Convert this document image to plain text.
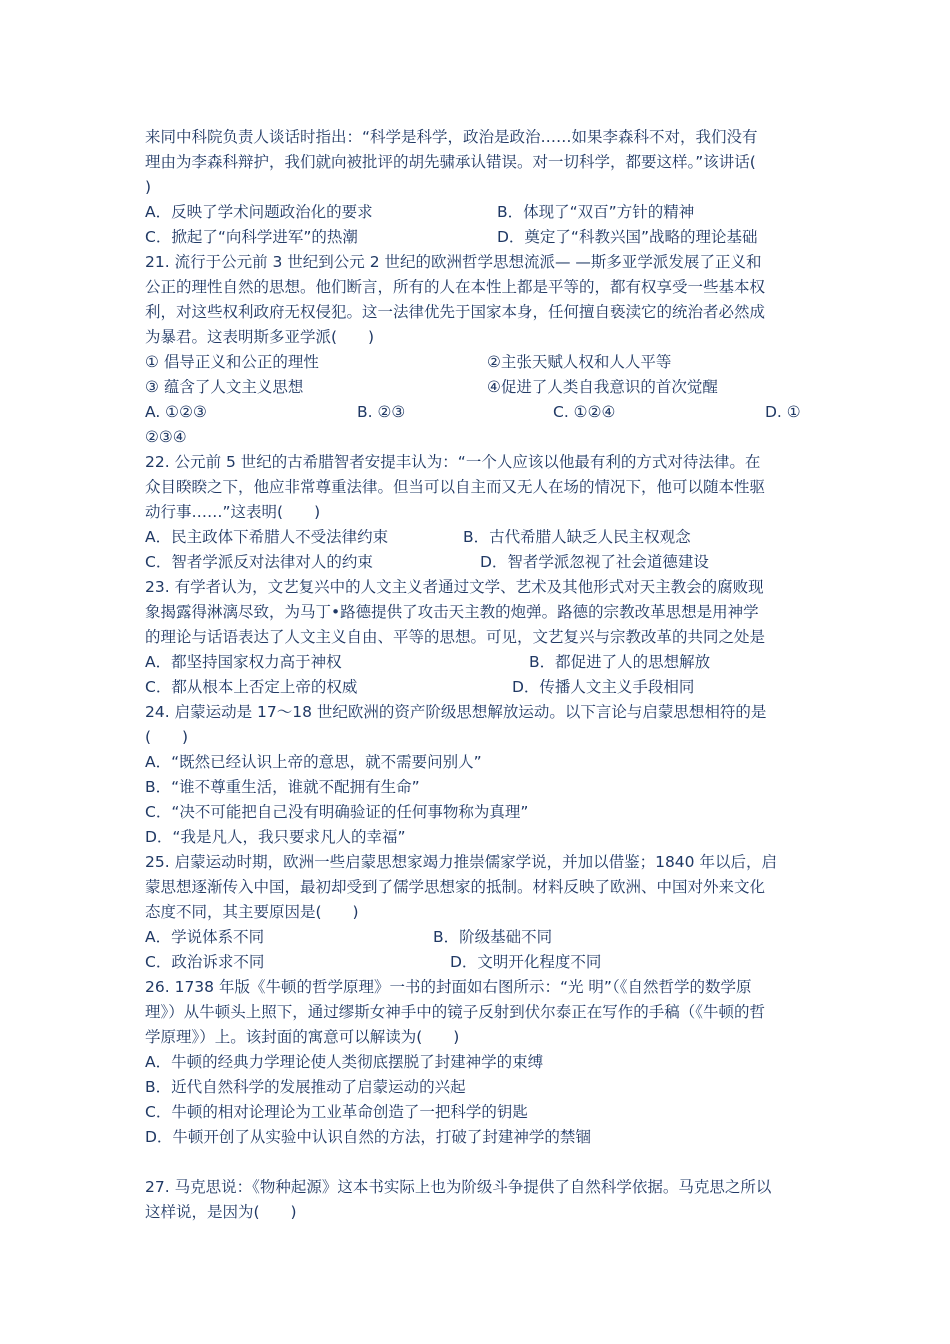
来同中科院负责人谈话时指出：“科学是科学，政治是政治……如果李森科不对，我们没有
理由为李森科辩护，我们就向被批评的胡先骕承认错误。对一切科学，都要这样。”该讲话(
)
A．反映了学术问题政治化的要求	B．体现了“双百”方针的精神
C．掀起了“向科学进军”的热潮	D．奠定了“科教兴国”战略的理论基础
21. 流行于公元前 3 世纪到公元 2 世纪的欧洲哲学思想流派— —斯多亚学派发展了正义和
公正的理性自然的思想。他们断言，所有的人在本性上都是平等的，都有权享受一些基本权
利，对这些权利政府无权侵犯。这一法律优先于国家本身，任何擅自亵渎它的统治者必然成
为暴君。这表明斯多亚学派(　　)
① 倡导正义和公正的理性	②主张天赋人权和人人平等
③ 蕴含了人文主义思想	④促进了人类自我意识的首次觉醒
A. ①②③	B. ②③	C. ①②④	D. ①
②③④
22. 公元前 5 世纪的古希腊智者安提丰认为：“一个人应该以他最有利的方式对待法律。在
众目睽睽之下，他应非常尊重法律。但当可以自主而又无人在场的情况下，他可以随本性驱
动行事……”这表明(　　)
A．民主政体下希腊人不受法律约束	B．古代希腊人缺乏人民主权观念
C．智者学派反对法律对人的约束	D．智者学派忽视了社会道德建设
23. 有学者认为，文艺复兴中的人文主义者通过文学、艺术及其他形式对天主教会的腐败现
象揭露得淋漓尽致，为马丁•路德提供了攻击天主教的炮弹。路德的宗教改革思想是用神学
的理论与话语表达了人文主义自由、平等的思想。可见，文艺复兴与宗教改革的共同之处是
A．都坚持国家权力高于神权	B．都促进了人的思想解放
C．都从根本上否定上帝的权威	D．传播人文主义手段相同
24. 启蒙运动是 17～18 世纪欧洲的资产阶级思想解放运动。以下言论与启蒙思想相符的是
(　　)
A．“既然已经认识上帝的意思，就不需要问别人”
B．“谁不尊重生活，谁就不配拥有生命”
C．“决不可能把自己没有明确验证的任何事物称为真理”
D．“我是凡人，我只要求凡人的幸福”
25. 启蒙运动时期，欧洲一些启蒙思想家竭力推崇儒家学说，并加以借鉴；1840 年以后，启
蒙思想逐渐传入中国，最初却受到了儒学思想家的抵制。材料反映了欧洲、中国对外来文化
态度不同，其主要原因是(　　)
A．学说体系不同	B．阶级基础不同
C．政治诉求不同	D．文明开化程度不同
26. 1738 年版《牛顿的哲学原理》一书的封面如右图所示：“光 明”（《自然哲学的数学原
理》）从牛顿头上照下，通过缪斯女神手中的镜子反射到伏尔泰正在写作的手稿（《牛顿的哲
学原理》）上。该封面的寓意可以解读为(　　)
A．牛顿的经典力学理论使人类彻底摆脱了封建神学的束缚
B．近代自然科学的发展推动了启蒙运动的兴起
C．牛顿的相对论理论为工业革命创造了一把科学的钥匙
D．牛顿开创了从实验中认识自然的方法，打破了封建神学的禁锢
27. 马克思说：《物种起源》这本书实际上也为阶级斗争提供了自然科学依据。马克思之所以
这样说，是因为(　　)
